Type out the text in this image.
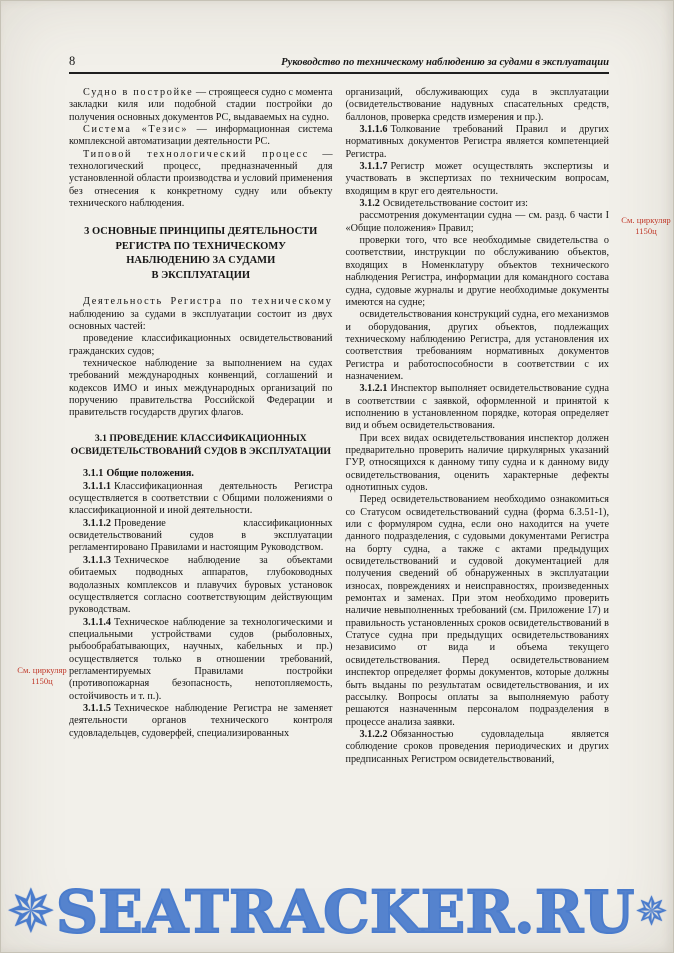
8	Руководство по техническому наблюдению за судами в эксплуатации
См. циркуляр 1150ц
См. циркуляр 1150ц

Судно в постройке — строящееся судно с момента закладки киля или подобной стадии постройки до получения основных документов РС, выдаваемых на судно.

Система «Тезис» — информационная система комплексной автоматизации деятельности РС.

Типовой технологический процесс — технологический процесс, предназначенный для установленной области производства и условий применения без отнесения к конкретному судну или объекту технического наблюдения.

3 ОСНОВНЫЕ ПРИНЦИПЫ ДЕЯТЕЛЬНОСТИ
РЕГИСТРА ПО ТЕХНИЧЕСКОМУ
НАБЛЮДЕНИЮ ЗА СУДАМИ
В ЭКСПЛУАТАЦИИ

Деятельность Регистра по техническому наблюдению за судами в эксплуатации состоит из двух основных частей:

проведение классификационных освидетельствований гражданских судов;

техническое наблюдение за выполнением на судах требований международных конвенций, соглашений и кодексов ИМО и иных международных организаций по поручению правительства Российской Федерации и правительств государств других флагов.

3.1 ПРОВЕДЕНИЕ КЛАССИФИКАЦИОННЫХ
ОСВИДЕТЕЛЬСТВОВАНИЙ СУДОВ В ЭКСПЛУАТАЦИИ

3.1.1 Общие положения.

3.1.1.1 Классификационная деятельность Регистра осуществляется в соответствии с Общими положениями о классификационной и иной деятельности.

3.1.1.2 Проведение классификационных освидетельствований судов в эксплуатации регламентировано Правилами и настоящим Руководством.

3.1.1.3 Техническое наблюдение за объектами обитаемых подводных аппаратов, глубоководных водолазных комплексов и плавучих буровых установок осуществляется согласно соответствующим действующим руководствам.

3.1.1.4 Техническое наблюдение за технологическими и специальными устройствами судов (рыболовных, рыбообрабатывающих, научных, кабельных и пр.) осуществляется только в отношении требований, регламентируемых Правилами постройки (противопожарная безопасность, непотопляемость, остойчивость и т. п.).

3.1.1.5 Техническое наблюдение Регистра не заменяет деятельности органов технического контроля судовладельцев, судоверфей, специализированных

организаций, обслуживающих суда в эксплуатации (освидетельствование надувных спасательных средств, баллонов, проверка средств измерения и пр.).

3.1.1.6 Толкование требований Правил и других нормативных документов Регистра является компетенцией Регистра.

3.1.1.7 Регистр может осуществлять экспертизы и участвовать в экспертизах по техническим вопросам, входящим в круг его деятельности.

3.1.2 Освидетельствование состоит из:

рассмотрения документации судна — см. разд. 6 части I «Общие положения» Правил;

проверки того, что все необходимые свидетельства о соответствии, инструкции по обслуживанию объектов, входящих в Номенклатуру объектов технического наблюдения Регистра, информации для командного состава судна, судовые журналы и другие необходимые документы имеются на судне;

освидетельствования конструкций судна, его механизмов и оборудования, других объектов, подлежащих техническому наблюдению Регистра, для установления их соответствия требованиям нормативных документов Регистра и работоспособности в соответствии с их назначением.

3.1.2.1 Инспектор выполняет освидетельствование судна в соответствии с заявкой, оформленной и принятой к исполнению в установленном порядке, которая определяет вид и объем освидетельствования.

При всех видах освидетельствования инспектор должен предварительно проверить наличие циркулярных указаний ГУР, относящихся к данному типу судна и к данному виду освидетельствования, оценить характерные дефекты однотипных судов.

Перед освидетельствованием необходимо ознакомиться со Статусом освидетельствований судна (форма 6.3.51-1), или с формуляром судна, если оно находится на учете данного подразделения, с судовыми документами Регистра на борту судна, а также с актами предыдущих освидетельствований и судовой документацией для получения сведений об обнаруженных в эксплуатации износах, повреждениях и неисправностях, произведенных ремонтах и заменах. При этом необходимо проверить наличие невыполненных требований (см. Приложение 17) и правильность установленных сроков освидетельствований в Статусе судна при предыдущих освидетельствованиях независимо от вида и объема текущего освидетельствования. Перед освидетельствованием инспектор определяет формы документов, которые должны быть выданы по результатам освидетельствования, и их рассылку. Вопросы оплаты за выполняемую работу решаются назначенным персоналом подразделения в процессе анализа заявки.

3.1.2.2 Обязанностью судовладельца является соблюдение сроков проведения периодических и других предписанных Регистром освидетельствований,

✵ SEATRACKER.RU ✵
